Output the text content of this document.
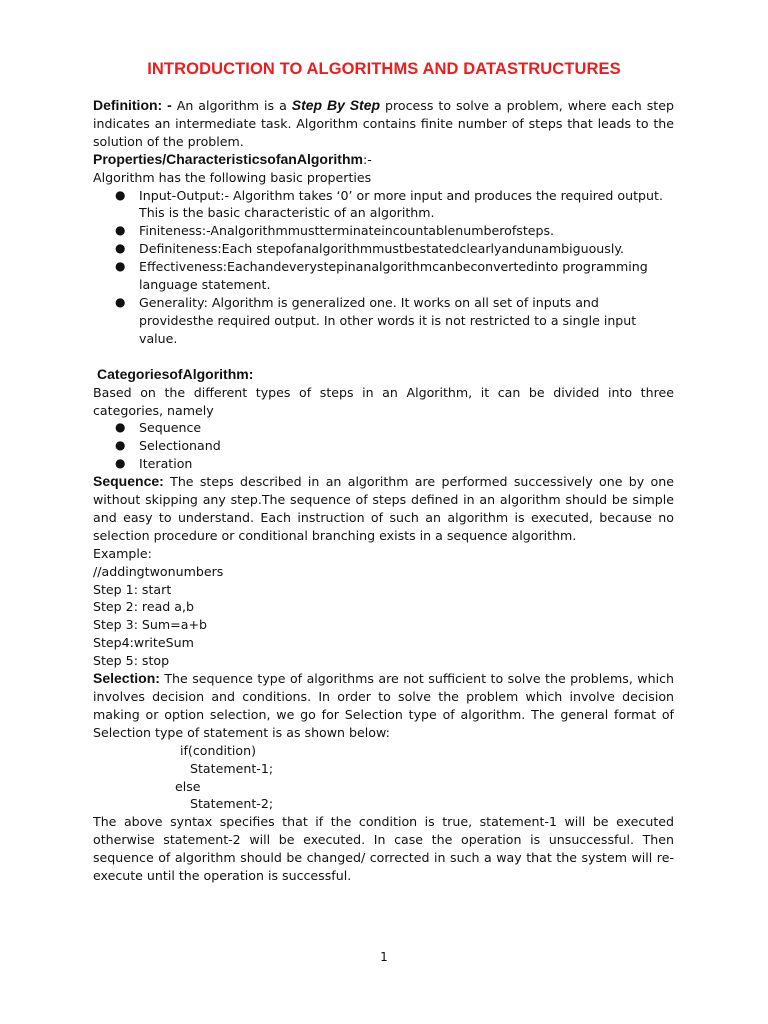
INTRODUCTION TO ALGORITHMS AND DATASTRUCTURES

Definition: - An algorithm is a Step By Step process to solve a problem, where each step indicates an intermediate task. Algorithm contains finite number of steps that leads to the solution of the problem.

Properties/CharacteristicsofanAlgorithm:-

Algorithm has the following basic properties

● Input-Output:- Algorithm takes ‘0’ or more input and produces the required output. This is the basic characteristic of an algorithm.
● Finiteness:-Analgorithmmustterminateincountablenumberofsteps.
● Definiteness:Each stepofanalgorithmmustbestatedclearlyandunambiguously.
● Effectiveness:Eachandeverystepinanalgorithmcanbeconvertedinto programming language statement.
● Generality: Algorithm is generalized one. It works on all set of inputs and providesthe required output. In other words it is not restricted to a single input value.

CategoriesofAlgorithm:

Based on the different types of steps in an Algorithm, it can be divided into three categories, namely

● Sequence
● Selectionand
● Iteration

Sequence: The steps described in an algorithm are performed successively one by one without skipping any step.The sequence of steps defined in an algorithm should be simple and easy to understand. Each instruction of such an algorithm is executed, because no selection procedure or conditional branching exists in a sequence algorithm.

Example:

//addingtwonumbers

Step 1: start

Step 2: read a,b

Step 3: Sum=a+b

Step4:writeSum

Step 5: stop

Selection: The sequence type of algorithms are not sufficient to solve the problems, which involves decision and conditions. In order to solve the problem which involve decision making or option selection, we go for Selection type of algorithm. The general format of Selection type of statement is as shown below:

if(condition)

Statement-1;

else

Statement-2;

The above syntax specifies that if the condition is true, statement-1 will be executed otherwise statement-2 will be executed. In case the operation is unsuccessful. Then sequence of algorithm should be changed/ corrected in such a way that the system will re-execute until the operation is successful.

1
